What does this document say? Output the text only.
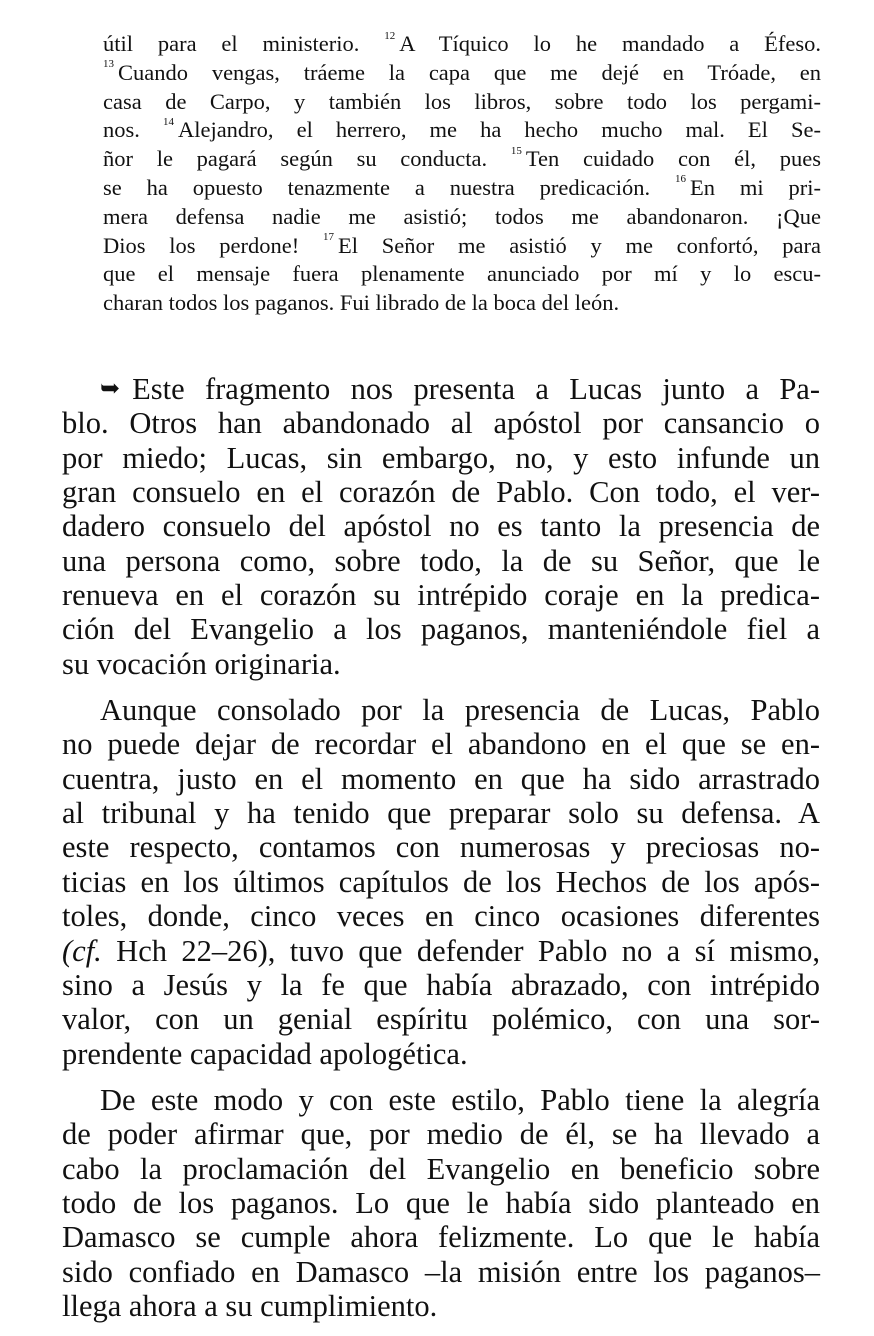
útil para el ministerio. $^{12}$ A Tíquico lo he mandado a Éfeso.
$^{13}$ Cuando vengas, tráeme la capa que me dejé en Tróade, en
casa de Carpo, y también los libros, sobre todo los pergami-
nos. $^{14}$ Alejandro, el herrero, me ha hecho mucho mal. El Se-
ñor le pagará según su conducta. $^{15}$ Ten cuidado con él, pues
se ha opuesto tenazmente a nuestra predicación. $^{16}$ En mi pri-
mera defensa nadie me asistió; todos me abandonaron. ¡Que
Dios los perdone! $^{17}$ El Señor me asistió y me confortó, para
que el mensaje fuera plenamente anunciado por mí y lo escu-
charan todos los paganos. Fui librado de la boca del león.

➥ Este fragmento nos presenta a Lucas junto a Pa-
blo. Otros han abandonado al apóstol por cansancio o
por miedo; Lucas, sin embargo, no, y esto infunde un
gran consuelo en el corazón de Pablo. Con todo, el ver-
dadero consuelo del apóstol no es tanto la presencia de
una persona como, sobre todo, la de su Señor, que le
renueva en el corazón su intrépido coraje en la predica-
ción del Evangelio a los paganos, manteniéndole fiel a
su vocación originaria.

Aunque consolado por la presencia de Lucas, Pablo
no puede dejar de recordar el abandono en el que se en-
cuentra, justo en el momento en que ha sido arrastrado
al tribunal y ha tenido que preparar solo su defensa. A
este respecto, contamos con numerosas y preciosas no-
ticias en los últimos capítulos de los Hechos de los após-
toles, donde, cinco veces en cinco ocasiones diferentes
(cf. Hch 22–26), tuvo que defender Pablo no a sí mismo,
sino a Jesús y la fe que había abrazado, con intrépido
valor, con un genial espíritu polémico, con una sor-
prendente capacidad apologética.

De este modo y con este estilo, Pablo tiene la alegría
de poder afirmar que, por medio de él, se ha llevado a
cabo la proclamación del Evangelio en beneficio sobre
todo de los paganos. Lo que le había sido planteado en
Damasco se cumple ahora felizmente. Lo que le había
sido confiado en Damasco –la misión entre los paganos–
llega ahora a su cumplimiento.
